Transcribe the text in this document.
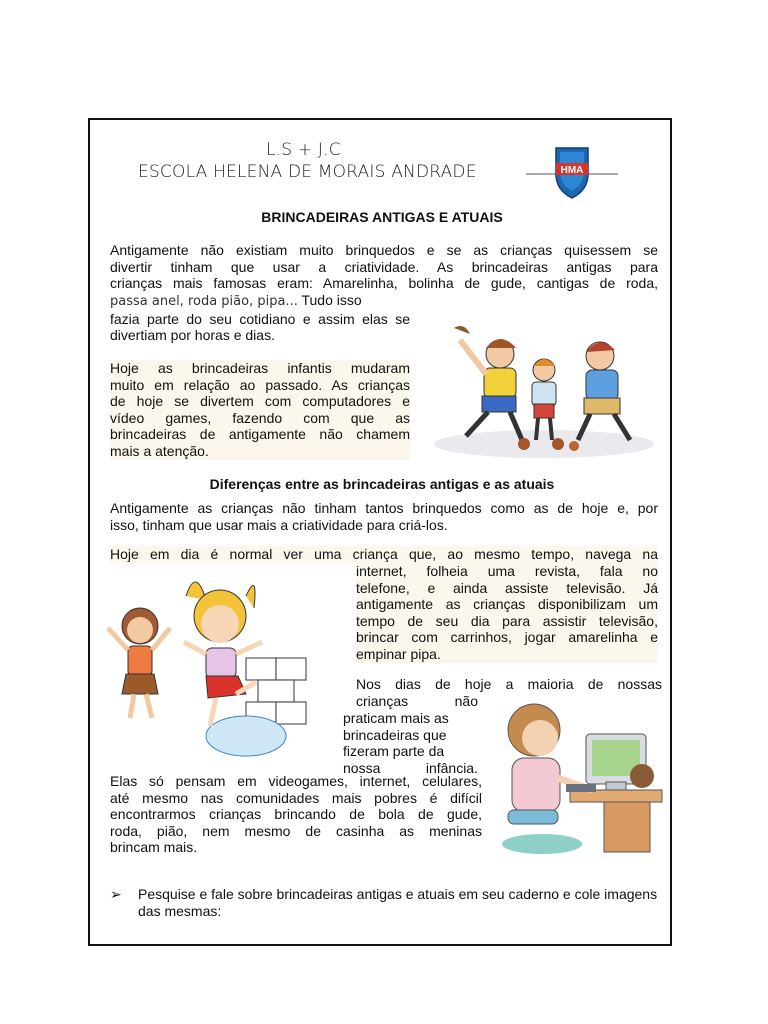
L.S + J.C
ESCOLA HELENA DE MORAIS ANDRADE	HMA
BRINCADEIRAS ANTIGAS E ATUAIS
Antigamente não existiam muito brinquedos e se as crianças quisessem se
divertir tinham que usar a criatividade. As brincadeiras antigas para
crianças mais famosas eram: Amarelinha, bolinha de gude, cantigas de roda,
passa anel, roda pião, pipa... Tudo isso
fazia parte do seu cotidiano e assim elas se
divertiam por horas e dias.
Hoje as brincadeiras infantis mudaram
muito em relação ao passado. As crianças
de hoje se divertem com computadores e
vídeo games, fazendo com que as
brincadeiras de antigamente não chamem
mais a atenção.
Diferenças entre as brincadeiras antigas e as atuais
Antigamente as crianças não tinham tantos brinquedos como as de hoje e, por
isso, tinham que usar mais a criatividade para criá-los.
Hoje em dia é normal ver uma criança que, ao mesmo tempo, navega na
internet, folheia uma revista, fala no
telefone, e ainda assiste televisão. Já
antigamente as crianças disponibilizam um
tempo de seu dia para assistir televisão,
brincar com carrinhos, jogar amarelinha e
empinar pipa.
Nos dias de hoje a maioria de nossas
crianças não
praticam mais as
brincadeiras que
fizeram parte da
nossa infância.
Elas só pensam em videogames, internet, celulares,
até mesmo nas comunidades mais pobres é difícil
encontrarmos crianças brincando de bola de gude,
roda, pião, nem mesmo de casinha as meninas
brincam mais.
➢ Pesquise e fale sobre brincadeiras antigas e atuais em seu caderno e cole imagens das mesmas:
